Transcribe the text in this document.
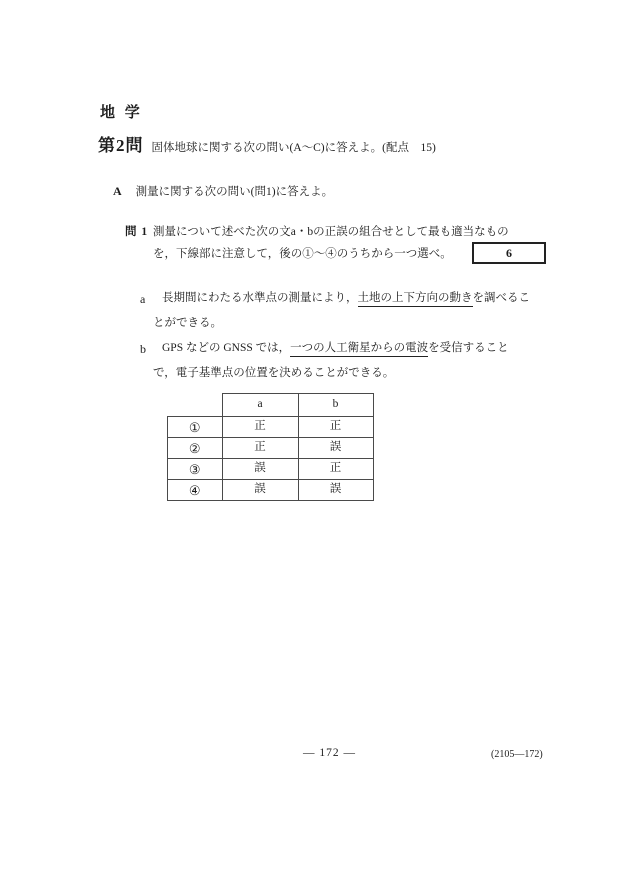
地 学
第2問 固体地球に関する次の問い(A～C)に答えよ。(配点　15)
A 測量に関する次の問い(問1)に答えよ。
問 1 測量について述べた次の文a・bの正誤の組合せとして最も適当なもの
を，下線部に注意して，後の①～④のうちから一つ選べ。	6
a 長期間にわたる水準点の測量により，土地の上下方向の動きを調べるこ
とができる。
b GPS などの GNSS では，一つの人工衛星からの電波を受信すること
で，電子基準点の位置を決めることができる。
	a	b
①	正	正
②	正	誤
③	誤	正
④	誤	誤
— 172 —	(2105—172)
